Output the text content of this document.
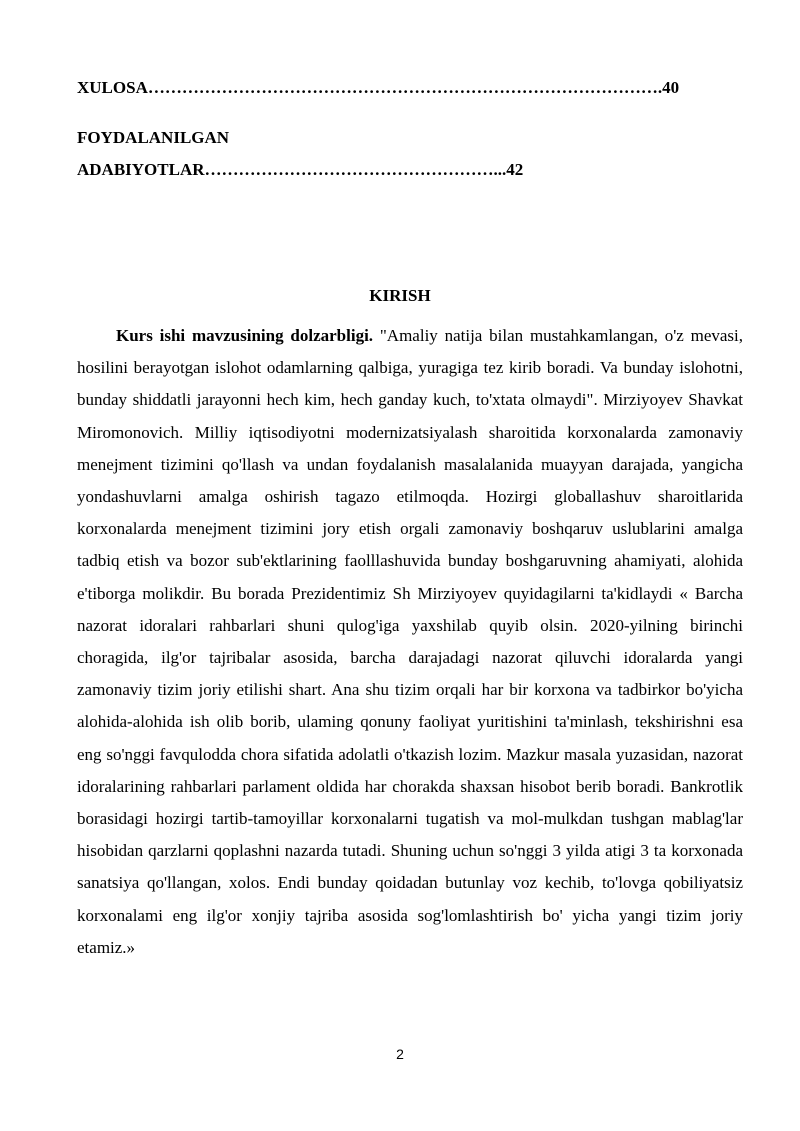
XULOSA……………………………………………………………………………….40

FOYDALANILGAN
ADABIYOTLAR……………………………………………...42

KIRISH

Kurs ishi mavzusining dolzarbligi. "Amaliy natija bilan mustahkamlangan, o'z mevasi, hosilini berayotgan islohot odamlarning qalbiga, yuragiga tez kirib boradi. Va bunday islohotni, bunday shiddatli jarayonni hech kim, hech ganday kuch, to'xtata olmaydi". Mirziyoyev Shavkat Miromonovich. Milliy iqtisodiyotni modernizatsiyalash sharoitida korxonalarda zamonaviy menejment tizimini qo'llash va undan foydalanish masalalanida muayyan darajada, yangicha yondashuvlarni amalga oshirish tagazo etilmoqda. Hozirgi globallashuv sharoitlarida korxonalarda menejment tizimini jory etish orgali zamonaviy boshqaruv uslublarini amalga tadbiq etish va bozor sub'ektlarining faolllashuvida bunday boshgaruvning ahamiyati, alohida e'tiborga molikdir. Bu borada Prezidentimiz Sh Mirziyoyev quyidagilarni ta'kidlaydi « Barcha nazorat idoralari rahbarlari shuni qulog'iga yaxshilab quyib olsin. 2020-yilning birinchi choragida, ilg'or tajribalar asosida, barcha darajadagi nazorat qiluvchi idoralarda yangi zamonaviy tizim joriy etilishi shart. Ana shu tizim orqali har bir korxona va tadbirkor bo'yicha alohida-alohida ish olib borib, ulaming qonuny faoliyat yuritishini ta'minlash, tekshirishni esa eng so'nggi favqulodda chora sifatida adolatli o'tkazish lozim. Mazkur masala yuzasidan, nazorat idoralarining rahbarlari parlament oldida har chorakda shaxsan hisobot berib boradi. Bankrotlik borasidagi hozirgi tartib-tamoyillar korxonalarni tugatish va mol-mulkdan tushgan mablag'lar hisobidan qarzlarni qoplashni nazarda tutadi. Shuning uchun so'nggi 3 yilda atigi 3 ta korxonada sanatsiya qo'llangan, xolos. Endi bunday qoidadan butunlay voz kechib, to'lovga qobiliyatsiz korxonalami eng ilg'or xonjiy tajriba asosida sog'lomlashtirish bo' yicha yangi tizim joriy etamiz.»

2
